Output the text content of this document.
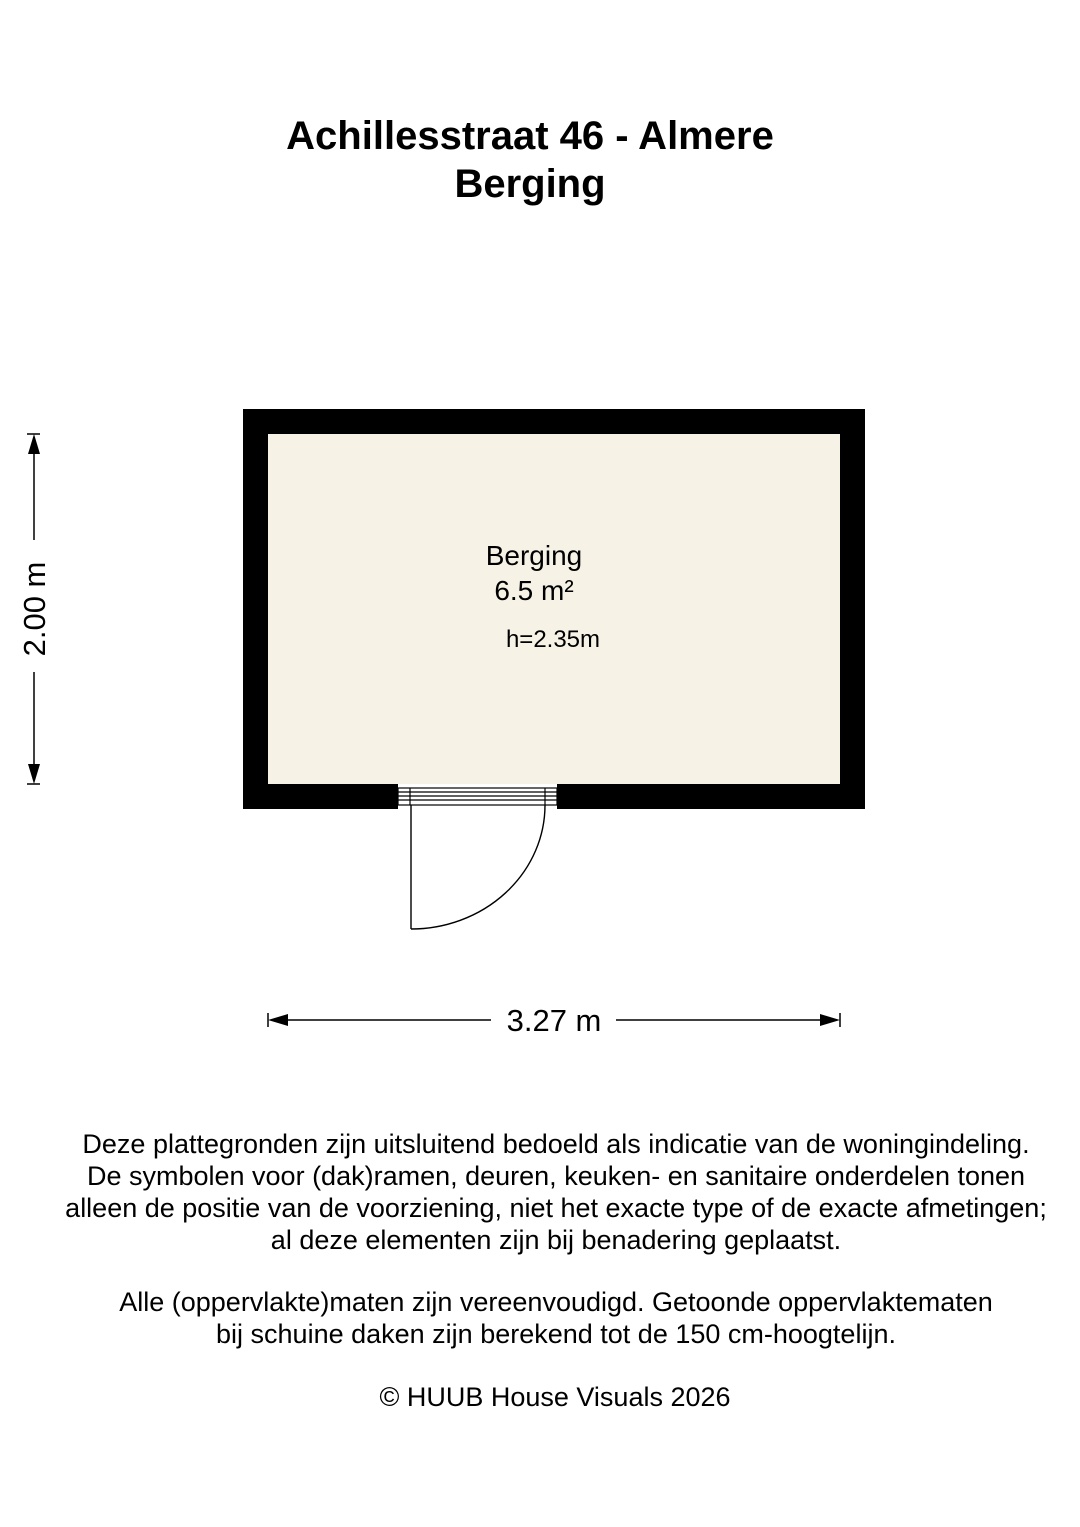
Achillesstraat 46 - Almere
Berging
Berging
6.5 m²
h=2.35m
2.00 m
3.27 m
Deze plattegronden zijn uitsluitend bedoeld als indicatie van de woningindeling.
De symbolen voor (dak)ramen, deuren, keuken- en sanitaire onderdelen tonen
alleen de positie van de voorziening, niet het exacte type of de exacte afmetingen;
al deze elementen zijn bij benadering geplaatst.
Alle (oppervlakte)maten zijn vereenvoudigd. Getoonde oppervlaktematen
bij schuine daken zijn berekend tot de 150 cm-hoogtelijn.
© HUUB House Visuals 2026
